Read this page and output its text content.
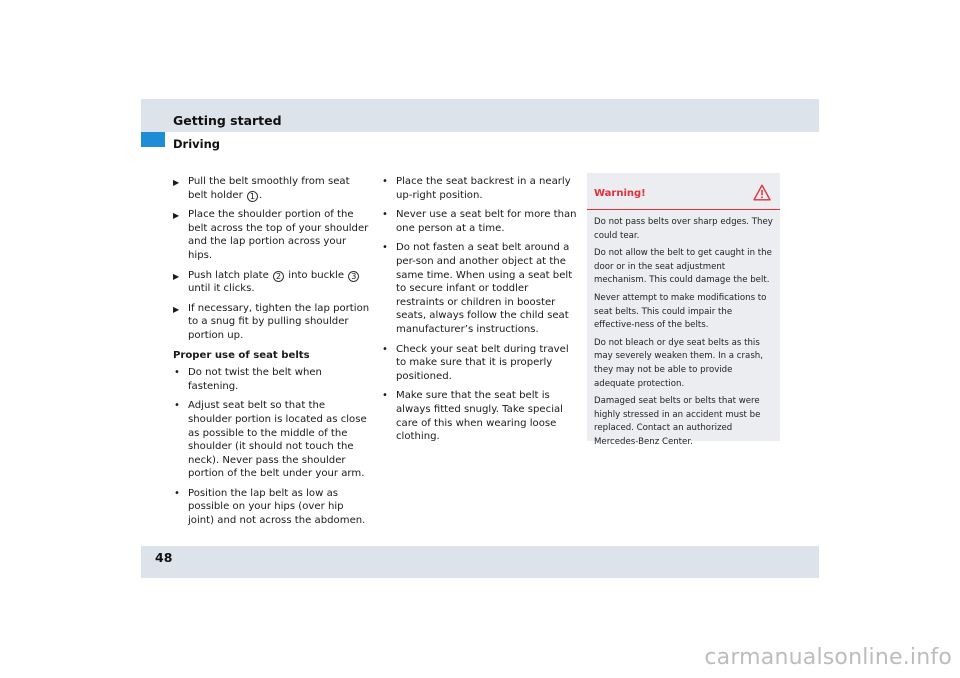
Getting started
Driving
▶ Pull the belt smoothly from seat belt holder 1 .
▶ Place the shoulder portion of the belt across the top of your shoulder and the lap portion across your hips.
▶ Push latch plate 2 into buckle 3 until it clicks.
▶ If necessary, tighten the lap portion to a snug fit by pulling shoulder portion up.
Proper use of seat belts
• Do not twist the belt when fastening.
• Adjust seat belt so that the shoulder portion is located as close as possible to the middle of the shoulder (it should not touch the neck). Never pass the shoulder portion of the belt under your arm.
• Position the lap belt as low as possible on your hips (over hip joint) and not across the abdomen.
• Place the seat backrest in a nearly up-right position.
• Never use a seat belt for more than one person at a time.
• Do not fasten a seat belt around a per-son and another object at the same time. When using a seat belt to secure infant or toddler restraints or children in booster seats, always follow the child seat manufacturer’s instructions.
• Check your seat belt during travel to make sure that it is properly positioned.
• Make sure that the seat belt is always fitted snugly. Take special care of this when wearing loose clothing.
Warning!

Do not pass belts over sharp edges. They could tear.

Do not allow the belt to get caught in the door or in the seat adjustment mechanism. This could damage the belt.

Never attempt to make modifications to seat belts. This could impair the effective-ness of the belts.

Do not bleach or dye seat belts as this may severely weaken them. In a crash, they may not be able to provide adequate protection.

Damaged seat belts or belts that were highly stressed in an accident must be replaced. Contact an authorized Mercedes-Benz Center.

48
carmanualsonline.info
